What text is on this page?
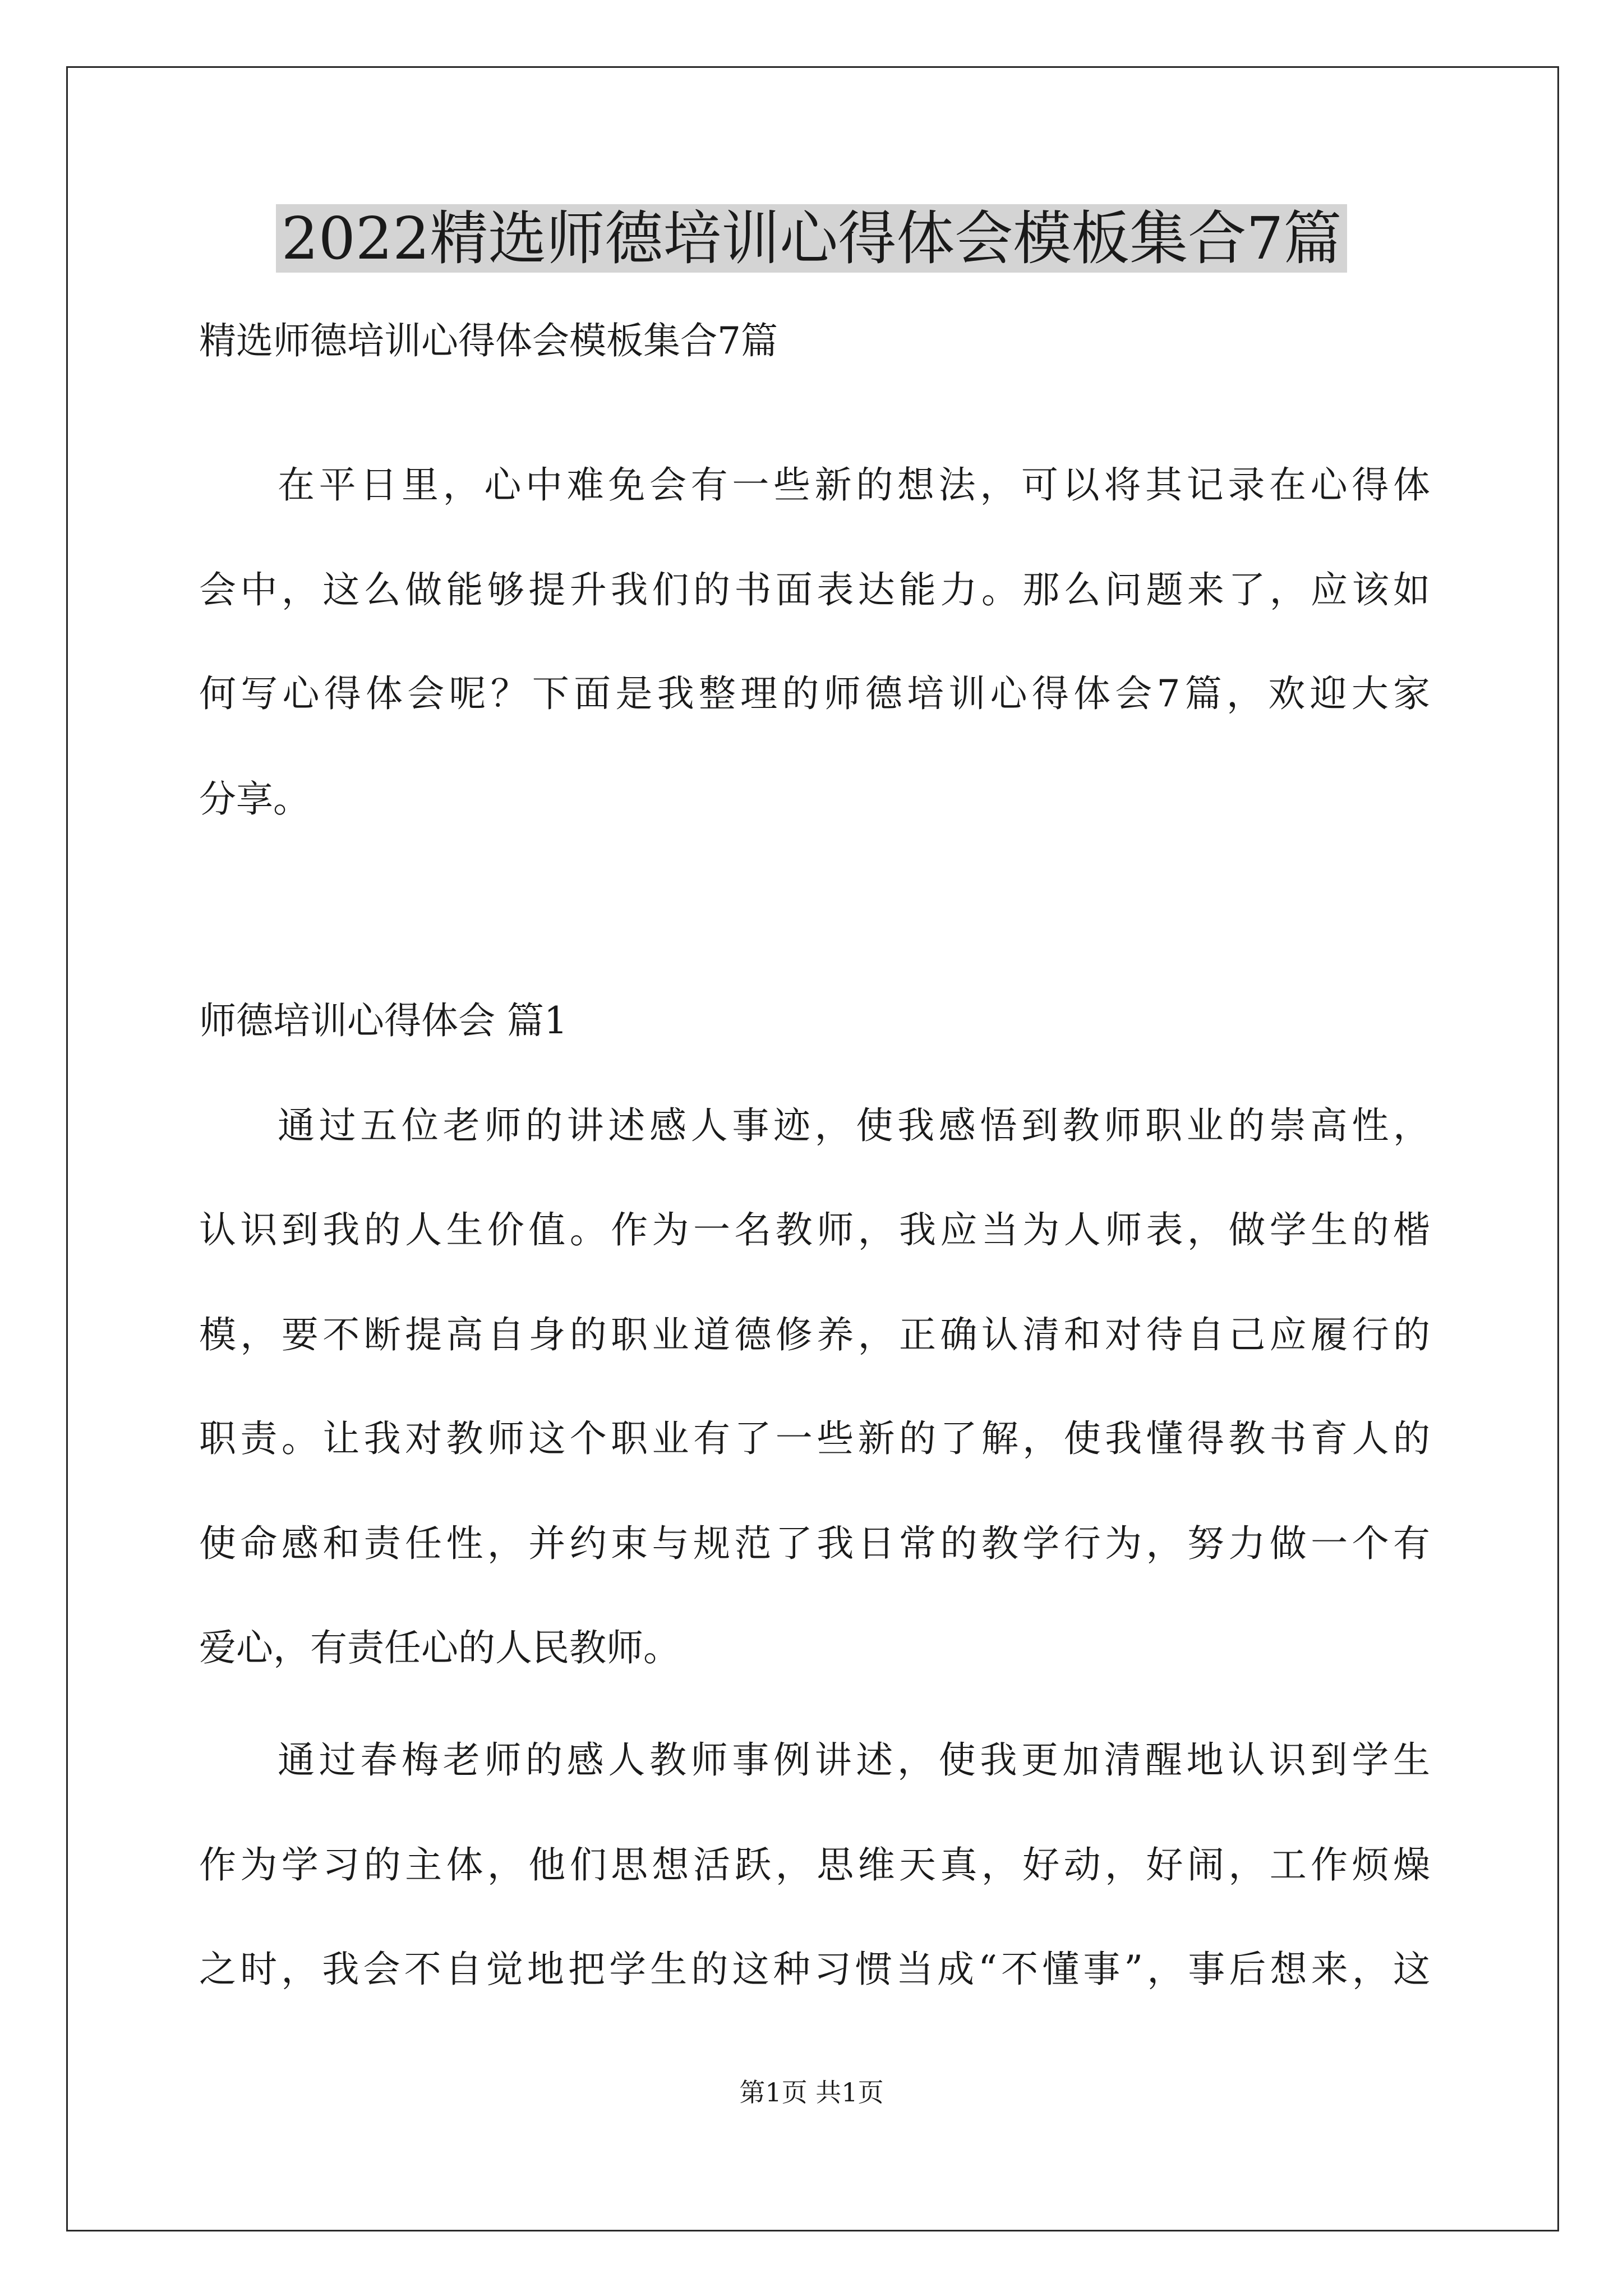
2022精选师德培训心得体会模板集合7篇
精选师德培训心得体会模板集合7篇
在平日里，心中难免会有一些新的想法，可以将其记录在心得体
会中，这么做能够提升我们的书面表达能力。那么问题来了，应该如
何写心得体会呢？下面是我整理的师德培训心得体会7篇，欢迎大家
分享。
师德培训心得体会 篇1
通过五位老师的讲述感人事迹，使我感悟到教师职业的崇高性，
认识到我的人生价值。作为一名教师，我应当为人师表，做学生的楷
模，要不断提高自身的职业道德修养，正确认清和对待自己应履行的
职责。让我对教师这个职业有了一些新的了解，使我懂得教书育人的
使命感和责任性，并约束与规范了我日常的教学行为，努力做一个有
爱心，有责任心的人民教师。
通过春梅老师的感人教师事例讲述，使我更加清醒地认识到学生
作为学习的主体，他们思想活跃，思维天真，好动，好闹，工作烦燥
之时，我会不自觉地把学生的这种习惯当成“不懂事”，事后想来，这
第1页 共1页
